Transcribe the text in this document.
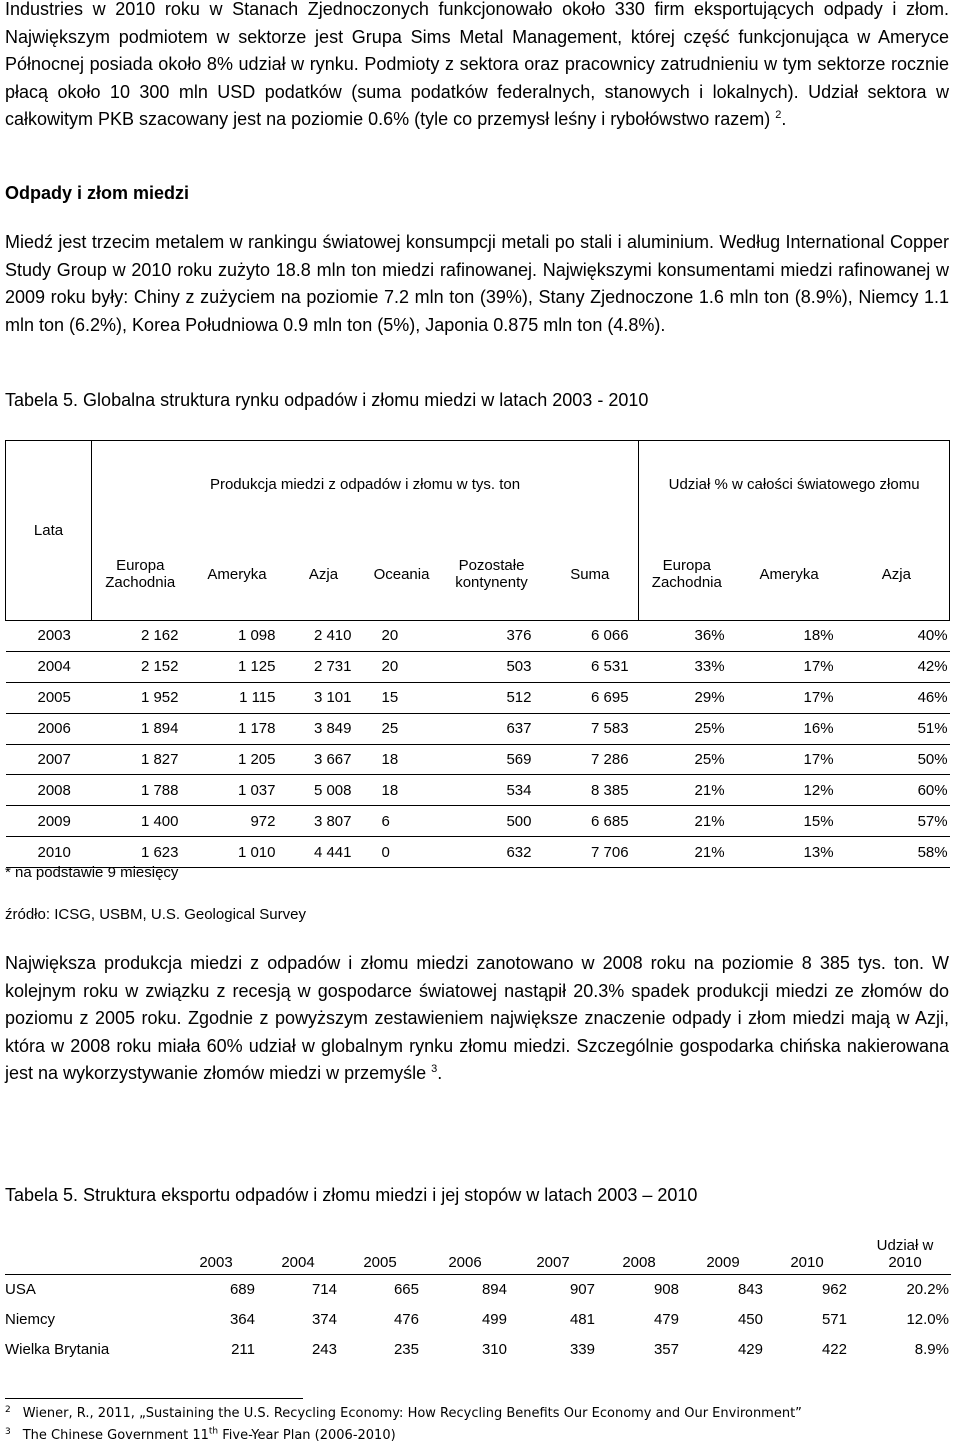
Industries w 2010 roku w Stanach Zjednoczonych funkcjonowało około 330 firm eksportujących odpady i złom. Największym podmiotem w sektorze jest Grupa Sims Metal Management, której część funkcjonująca w Ameryce Północnej posiada około 8% udział w rynku. Podmioty z sektora oraz pracownicy zatrudnieniu w tym sektorze rocznie płacą około 10 300 mln USD podatków (suma podatków federalnych, stanowych i lokalnych). Udział sektora w całkowitym PKB szacowany jest na poziomie 0.6% (tyle co przemysł leśny i rybołówstwo razem) $^2$.

Odpady i złom miedzi

Miedź jest trzecim metalem w rankingu światowej konsumpcji metali po stali i aluminium. Według International Copper Study Group w 2010 roku zużyto 18.8 mln ton miedzi rafinowanej. Największymi konsumentami miedzi rafinowanej w 2009 roku były: Chiny z zużyciem na poziomie 7.2 mln ton (39%), Stany Zjednoczone 1.6 mln ton (8.9%), Niemcy 1.1 mln ton (6.2%), Korea Południowa 0.9 mln ton (5%), Japonia 0.875 mln ton (4.8%).

Tabela 5. Globalna struktura rynku odpadów i złomu miedzi w latach 2003 - 2010

Lata	Produkcja miedzi z odpadów i złomu w tys. ton						Udział % w całości światowego złomu		
	Europa Zachodnia	Ameryka	Azja	Oceania	Pozostałe kontynenty	Suma	Europa Zachodnia	Ameryka	Azja
2003	2 162	1 098	2 410	20	376	6 066	36%	18%	40%
2004	2 152	1 125	2 731	20	503	6 531	33%	17%	42%
2005	1 952	1 115	3 101	15	512	6 695	29%	17%	46%
2006	1 894	1 178	3 849	25	637	7 583	25%	16%	51%
2007	1 827	1 205	3 667	18	569	7 286	25%	17%	50%
2008	1 788	1 037	5 008	18	534	8 385	21%	12%	60%
2009	1 400	972	3 807	6	500	6 685	21%	15%	57%
2010	1 623	1 010	4 441	0	632	7 706	21%	13%	58%

* na podstawie 9 miesięcy

źródło: ICSG, USBM, U.S. Geological Survey

Największa produkcja miedzi z odpadów i złomu miedzi zanotowano w 2008 roku na poziomie 8 385 tys. ton. W kolejnym roku w związku z recesją w gospodarce światowej nastąpił 20.3% spadek produkcji miedzi ze złomów do poziomu z 2005 roku. Zgodnie z powyższym zestawieniem największe znaczenie odpady i złom miedzi mają w Azji, która w 2008 roku miała 60% udział w globalnym rynku złomu miedzi. Szczególnie gospodarka chińska nakierowana jest na wykorzystywanie złomów miedzi w przemyśle $^3$.

Tabela 5. Struktura eksportu odpadów i złomu miedzi i jej stopów w latach 2003 – 2010

	2003	2004	2005	2006	2007	2008	2009	2010	Udział w 2010
USA	689	714	665	894	907	908	843	962	20.2%
Niemcy	364	374	476	499	481	479	450	571	12.0%
Wielka Brytania	211	243	235	310	339	357	429	422	8.9%

$^2$ Wiener, R., 2011, „Sustaining the U.S. Recycling Economy: How Recycling Benefits Our Economy and Our Environment”

$^3$ The Chinese Government 11th Five-Year Plan (2006-2010)
